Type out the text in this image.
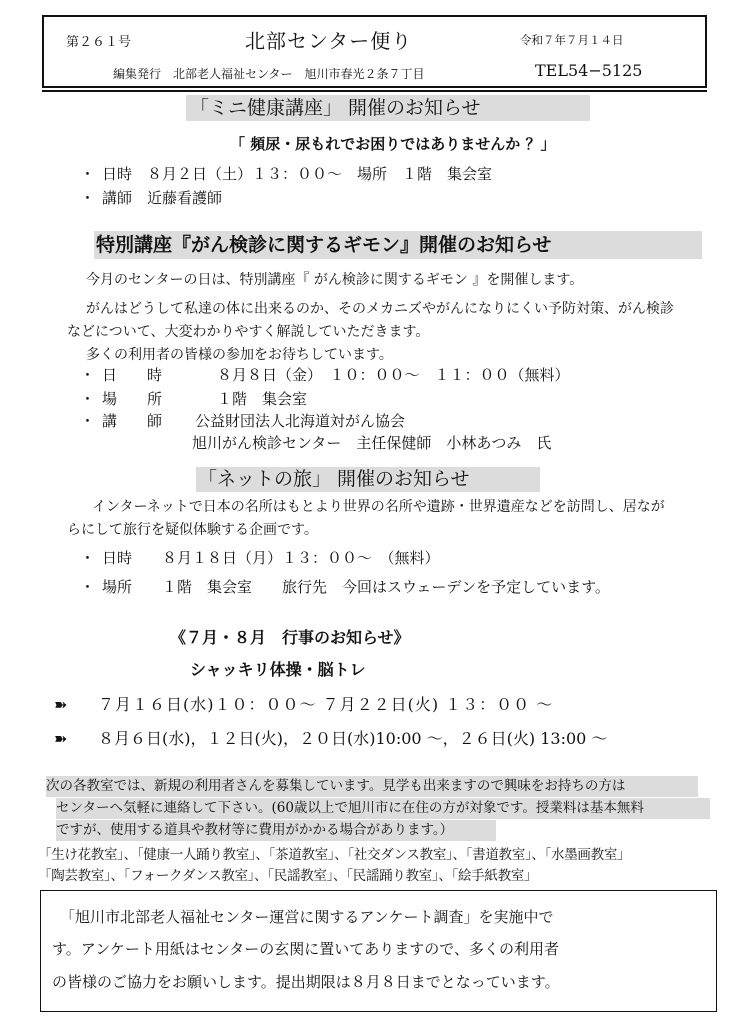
第２６１号	北部センター便り	令和７年７月１４日
編集発行　北部老人福祉センター　旭川市春光２条７丁目	TEL54−5125
「ミニ健康講座」 開催のお知らせ
「 頻尿・尿もれでお困りではありませんか ？」
・ 日時　８月２日（土）１３：００～　場所　１階　集会室
・ 講師　近藤看護師
特別講座『がん検診に関するギモン』開催のお知らせ
今月のセンターの日は、特別講座『 がん検診に関するギモン 』を開催します。
がんはどうして私達の体に出来るのか、そのメカニズやがんになりにくい予防対策、がん検診
などについて、大変わかりやすく解説していただきます。
多くの利用者の皆様の参加をお待ちしています。
・ 日　　時	８月８日（金）　１０：００～　１１：００（無料）
・ 場　　所	１階　集会室
・ 講　　師 公益財団法人北海道対がん協会
旭川がん検診センター　主任保健師　小林あつみ　氏
「ネットの旅」 開催のお知らせ
インターネットで日本の名所はもとより世界の名所や遺跡・世界遺産などを訪問し、居なが
らにして旅行を疑似体験する企画です。
・ 日時　　８月１８日（月）１３：００～　（無料）
・ 場所　　１階　集会室　　旅行先　今回はスウェーデンを予定しています。
《７月・８月　行事のお知らせ》
シャッキリ体操・脳トレ
➽ ７月１６日(水)１０：００～ ７月２２日(火) １３：００ ～
➽ ８月６日(水)，１２日(火)，２０日(水)10:00 ～，２６日(火) 13:00 ～
次の各教室では、新規の利用者さんを募集しています。見学も出来ますので興味をお持ちの方は
センターへ気軽に連絡して下さい。(60歳以上で旭川市に在住の方が対象です。授業料は基本無料
ですが、使用する道具や教材等に費用がかかる場合があります。）
「生け花教室」、「健康一人踊り教室」、「茶道教室」、「社交ダンス教室」、「書道教室」、「水墨画教室」
「陶芸教室」、「フォークダンス教室」、「民謡教室」、「民謡踊り教室」、「絵手紙教室」
「旭川市北部老人福祉センター運営に関するアンケート調査」を実施中で
す。アンケート用紙はセンターの玄関に置いてありますので、多くの利用者
の皆様のご協力をお願いします。提出期限は８月８日までとなっています。
